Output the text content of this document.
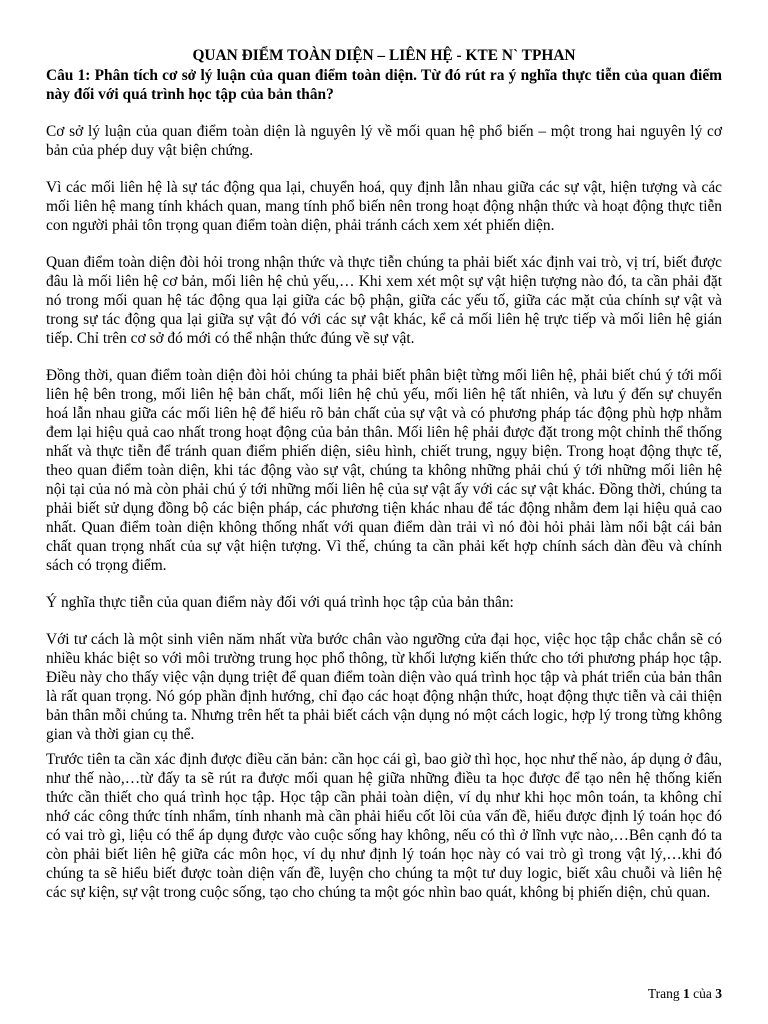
QUAN ĐIỂM TOÀN DIỆN – LIÊN HỆ - KTE N` TPHAN
Câu 1: Phân tích cơ sở lý luận của quan điểm toàn diện. Từ đó rút ra ý nghĩa thực tiễn của quan điểm này đối với quá trình học tập của bản thân?

Cơ sở lý luận của quan điểm toàn diện là nguyên lý về mối quan hệ phổ biến – một trong hai nguyên lý cơ bản của phép duy vật biện chứng.

Vì các mối liên hệ là sự tác động qua lại, chuyển hoá, quy định lẫn nhau giữa các sự vật, hiện tượng và các mối liên hệ mang tính khách quan, mang tính phổ biến nên trong hoạt động nhận thức và hoạt động thực tiễn con người phải tôn trọng quan điểm toàn diện, phải tránh cách xem xét phiến diện.

Quan điểm toàn diện đòi hỏi trong nhận thức và thực tiễn chúng ta phải biết xác định vai trò, vị trí, biết được đâu là mối liên hệ cơ bản, mối liên hệ chủ yếu,… Khi xem xét một sự vật hiện tượng nào đó, ta cần phải đặt nó trong mối quan hệ tác động qua lại giữa các bộ phận, giữa các yếu tố, giữa các mặt của chính sự vật và trong sự tác động qua lại giữa sự vật đó với các sự vật khác, kể cả mối liên hệ trực tiếp và mối liên hệ gián tiếp. Chỉ trên cơ sở đó mới có thể nhận thức đúng về sự vật.

Đồng thời, quan điểm toàn diện đòi hỏi chúng ta phải biết phân biệt từng mối liên hệ, phải biết chú ý tới mối liên hệ bên trong, mối liên hệ bản chất, mối liên hệ chủ yếu, mối liên hệ tất nhiên, và lưu ý đến sự chuyển hoá lẫn nhau giữa các mối liên hệ để hiểu rõ bản chất của sự vật và có phương pháp tác động phù hợp nhằm đem lại hiệu quả cao nhất trong hoạt động của bản thân. Mối liên hệ phải được đặt trong một chỉnh thể thống nhất và thực tiễn để tránh quan điểm phiến diện, siêu hình, chiết trung, ngụy biện. Trong hoạt động thực tế, theo quan điểm toàn diện, khi tác động vào sự vật, chúng ta không những phải chú ý tới những mối liên hệ nội tại của nó mà còn phải chú ý tới những mối liên hệ của sự vật ấy với các sự vật khác. Đồng thời, chúng ta phải biết sử dụng đồng bộ các biện pháp, các phương tiện khác nhau để tác động nhằm đem lại hiệu quả cao nhất. Quan điểm toàn diện không thống nhất với quan điểm dàn trải vì nó đòi hỏi phải làm nổi bật cái bản chất quan trọng nhất của sự vật hiện tượng. Vì thế, chúng ta cần phải kết hợp chính sách dàn đều và chính sách có trọng điểm.

Ý nghĩa thực tiễn của quan điểm này đối với quá trình học tập của bản thân:

Với tư cách là một sinh viên năm nhất vừa bước chân vào ngưỡng cửa đại học, việc học tập chắc chắn sẽ có nhiều khác biệt so với môi trường trung học phổ thông, từ khối lượng kiến thức cho tới phương pháp học tập. Điều này cho thấy việc vận dụng triệt để quan điểm toàn diện vào quá trình học tập và phát triển của bản thân là rất quan trọng. Nó góp phần định hướng, chỉ đạo các hoạt động nhận thức, hoạt động thực tiễn và cải thiện bản thân mỗi chúng ta. Nhưng trên hết ta phải biết cách vận dụng nó một cách logic, hợp lý trong từng không gian và thời gian cụ thể.

Trước tiên ta cần xác định được điều căn bản: cần học cái gì, bao giờ thì học, học như thế nào, áp dụng ở đâu, như thế nào,…từ đấy ta sẽ rút ra được mối quan hệ giữa những điều ta học được để tạo nên hệ thống kiến thức cần thiết cho quá trình học tập. Học tập cần phải toàn diện, ví dụ như khi học môn toán, ta không chỉ nhớ các công thức tính nhẩm, tính nhanh mà cần phải hiểu cốt lõi của vấn đề, hiểu được định lý toán học đó có vai trò gì, liệu có thể áp dụng được vào cuộc sống hay không, nếu có thì ở lĩnh vực nào,…Bên cạnh đó ta còn phải biết liên hệ giữa các môn học, ví dụ như định lý toán học này có vai trò gì trong vật lý,…khi đó chúng ta sẽ hiểu biết được toàn diện vấn đề, luyện cho chúng ta một tư duy logic, biết xâu chuỗi và liên hệ các sự kiện, sự vật trong cuộc sống, tạo cho chúng ta một góc nhìn bao quát, không bị phiến diện, chủ quan.

Trang 1 của 3
